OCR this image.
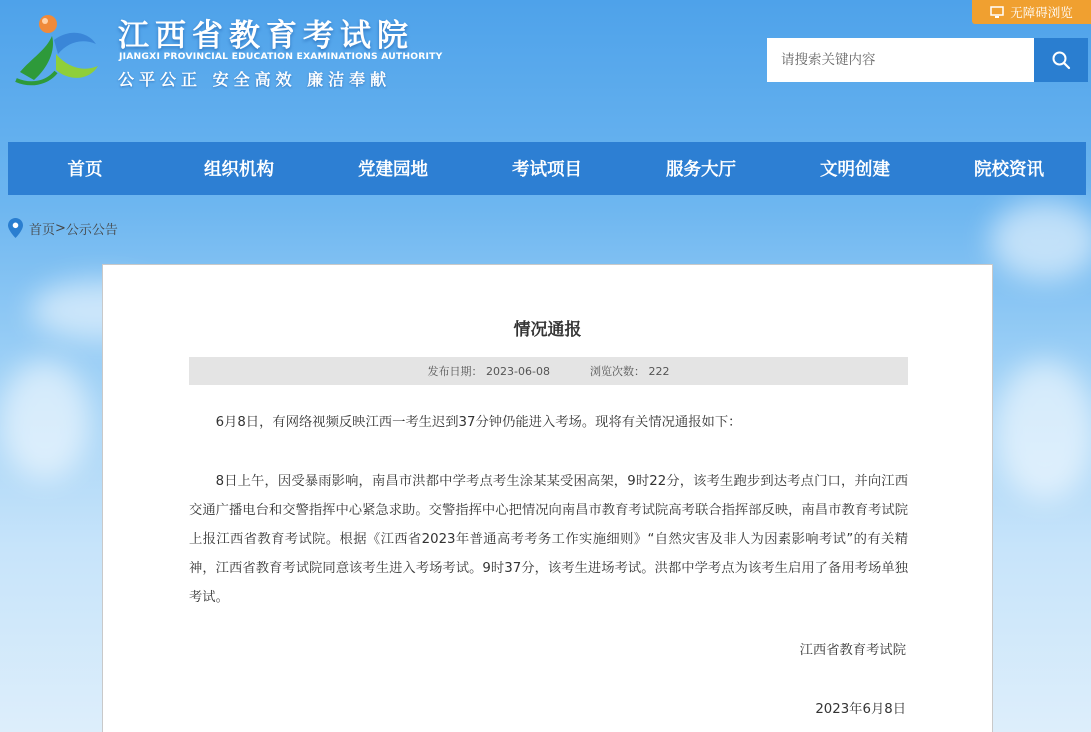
江西省教育考试院
JIANGXI PROVINCIAL EDUCATION EXAMINATIONS AUTHORITY
公平公正 安全高效 廉洁奉献
无障碍浏览
请搜索关键内容
首页	组织机构	党建园地	考试项目	服务大厅	文明创建	院校资讯
首页 > 公示公告
情况通报
发布日期： 2023-06-08	浏览次数： 222

6月8日，有网络视频反映江西一考生迟到37分钟仍能进入考场。现将有关情况通报如下：

8日上午，因受暴雨影响，南昌市洪都中学考点考生涂某某受困高架，9时22分，该考生跑步到达考点门口，并向江西交通广播电台和交警指挥中心紧急求助。交警指挥中心把情况向南昌市教育考试院高考联合指挥部反映，南昌市教育考试院上报江西省教育考试院。根据《江西省2023年普通高考考务工作实施细则》“自然灾害及非人为因素影响考试”的有关精神，江西省教育考试院同意该考生进入考场考试。9时37分，该考生进场考试。洪都中学考点为该考生启用了备用考场单独考试。

江西省教育考试院
2023年6月8日
